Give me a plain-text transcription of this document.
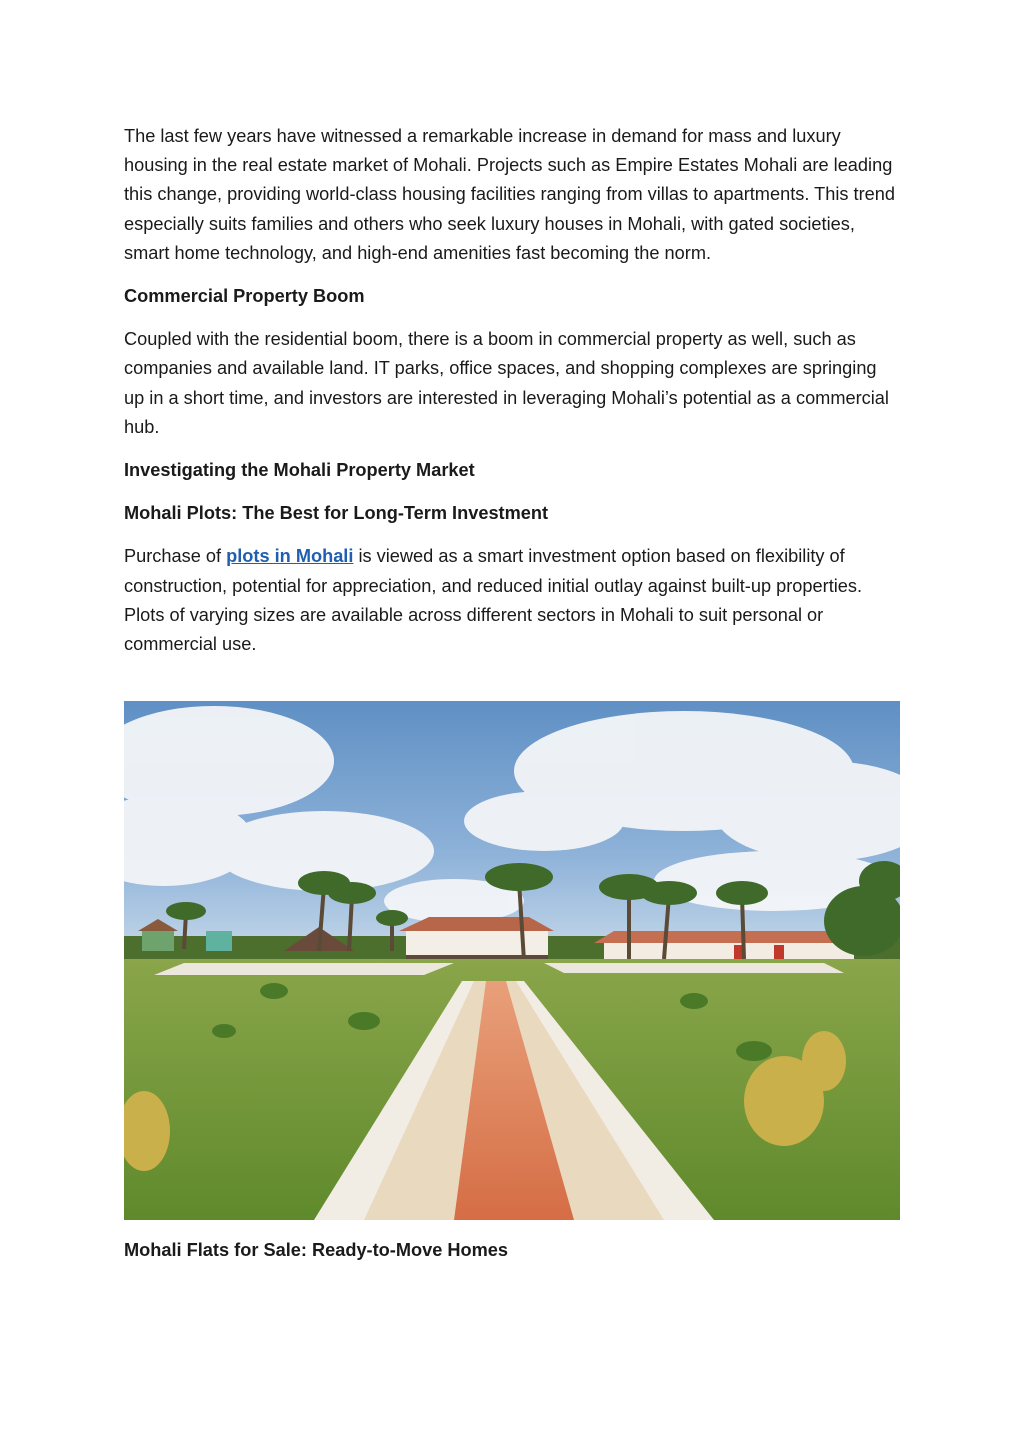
The last few years have witnessed a remarkable increase in demand for mass and luxury housing in the real estate market of Mohali. Projects such as Empire Estates Mohali are leading this change, providing world-class housing facilities ranging from villas to apartments. This trend especially suits families and others who seek luxury houses in Mohali, with gated societies, smart home technology, and high-end amenities fast becoming the norm.

Commercial Property Boom

Coupled with the residential boom, there is a boom in commercial property as well, such as companies and available land. IT parks, office spaces, and shopping complexes are springing up in a short time, and investors are interested in leveraging Mohali’s potential as a commercial hub.

Investigating the Mohali Property Market
Mohali Plots: The Best for Long-Term Investment

Purchase of plots in Mohali is viewed as a smart investment option based on flexibility of construction, potential for appreciation, and reduced initial outlay against built-up properties. Plots of varying sizes are available across different sectors in Mohali to suit personal or commercial use.

Mohali Flats for Sale: Ready-to-Move Homes
